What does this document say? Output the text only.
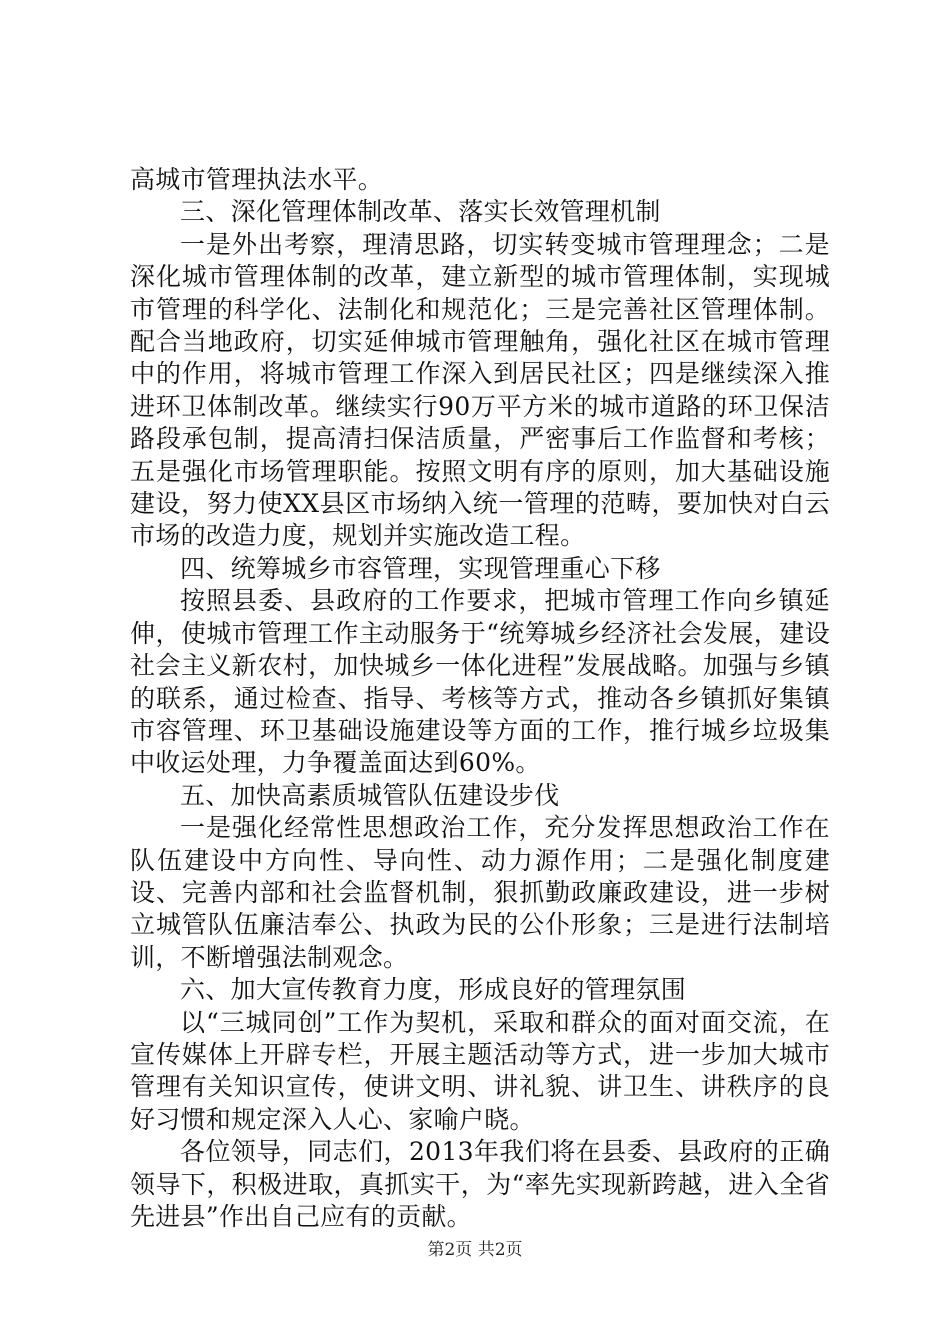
高城市管理执法水平。

三、深化管理体制改革、落实长效管理机制

一是外出考察，理清思路，切实转变城市管理理念；二是深化城市管理体制的改革，建立新型的城市管理体制，实现城市管理的科学化、法制化和规范化；三是完善社区管理体制。配合当地政府，切实延伸城市管理触角，强化社区在城市管理中的作用，将城市管理工作深入到居民社区；四是继续深入推进环卫体制改革。继续实行90万平方米的城市道路的环卫保洁路段承包制，提高清扫保洁质量，严密事后工作监督和考核；五是强化市场管理职能。按照文明有序的原则，加大基础设施建设，努力使XX县区市场纳入统一管理的范畴，要加快对白云市场的改造力度，规划并实施改造工程。

四、统筹城乡市容管理，实现管理重心下移

按照县委、县政府的工作要求，把城市管理工作向乡镇延伸，使城市管理工作主动服务于“统筹城乡经济社会发展，建设社会主义新农村，加快城乡一体化进程”发展战略。加强与乡镇的联系，通过检查、指导、考核等方式，推动各乡镇抓好集镇市容管理、环卫基础设施建设等方面的工作，推行城乡垃圾集中收运处理，力争覆盖面达到60%。

五、加快高素质城管队伍建设步伐

一是强化经常性思想政治工作，充分发挥思想政治工作在队伍建设中方向性、导向性、动力源作用；二是强化制度建设、完善内部和社会监督机制，狠抓勤政廉政建设，进一步树立城管队伍廉洁奉公、执政为民的公仆形象；三是进行法制培训，不断增强法制观念。

六、加大宣传教育力度，形成良好的管理氛围

以“三城同创”工作为契机，采取和群众的面对面交流，在宣传媒体上开辟专栏，开展主题活动等方式，进一步加大城市管理有关知识宣传，使讲文明、讲礼貌、讲卫生、讲秩序的良好习惯和规定深入人心、家喻户晓。

各位领导，同志们，2013年我们将在县委、县政府的正确领导下，积极进取，真抓实干，为“率先实现新跨越，进入全省先进县”作出自己应有的贡献。

第2页 共2页
